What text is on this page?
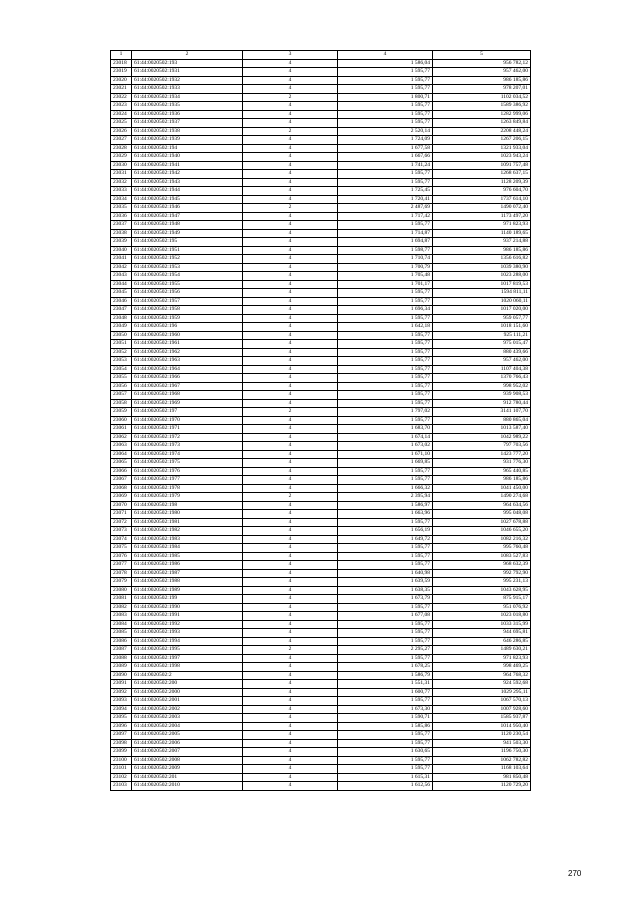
1	2	3	4	5
23018	61:44:0020502:193	4	1 586,04	956 782,12
23019	61:44:0020502:1931	4	1 595,77	957 462,00
23020	61:44:0020502:1932	4	1 595,77	986 185,86
23021	61:44:0020502:1933	4	1 595,77	978 207,01
23022	61:44:0020502:1934	2	1 800,71	1102 034,52
23023	61:44:0020502:1935	4	1 595,77	1589 386,92
23024	61:44:0020502:1936	4	1 595,77	1282 999,06
23025	61:44:0020502:1937	4	1 595,77	1263 849,84
23026	61:44:0020502:1938	2	2 520,14	2208 448,24
23027	61:44:0020502:1939	4	1 724,09	1267 206,15
23028	61:44:0020502:194	4	1 677,58	1321 933,04
23029	61:44:0020502:1940	4	1 667,66	1023 943,24
23030	61:44:0020502:1941	4	1 741,24	1091 757,48
23031	61:44:0020502:1942	4	1 595,77	1268 637,15
23032	61:44:0020502:1943	4	1 595,77	1128 209,39
23033	61:44:0020502:1944	4	1 725,45	976 604,70
23034	61:44:0020502:1945	4	1 720,41	1737 614,10
23035	61:44:0020502:1946	2	2 487,69	1490 072,40
23036	61:44:0020502:1947	4	1 717,42	1173 497,20
23037	61:44:0020502:1948	4	1 595,77	971 823,93
23038	61:44:0020502:1949	4	1 714,87	1140 189,65
23039	61:44:0020502:195	4	1 694,87	937 214,88
23040	61:44:0020502:1951	4	1 598,77	986 185,86
23041	61:44:0020502:1952	4	1 710,74	1356 616,82
23042	61:44:0020502:1953	4	1 700,79	1039 380,90
23043	61:44:0020502:1954	4	1 705,48	1023 288,00
23044	61:44:0020502:1955	4	1 701,17	1017 819,53
23045	61:44:0020502:1956	4	1 595,77	1594 811,11
23046	61:44:0020502:1957	4	1 595,77	1020 060,11
23047	61:44:0020502:1958	4	1 696,34	1017 020,00
23048	61:44:0020502:1959	4	1 595,77	959 057,77
23049	61:44:0020502:196	4	1 642,18	1018 151,60
23050	61:44:0020502:1960	4	1 595,77	925 111,21
23051	61:44:0020502:1961	4	1 595,77	975 015,47
23052	61:44:0020502:1962	4	1 595,77	880 439,66
23053	61:44:0020502:1963	4	1 595,77	957 462,00
23054	61:44:0020502:1964	4	1 595,77	1107 404,38
23055	61:44:0020502:1966	4	1 595,77	1370 766,43
23056	61:44:0020502:1967	4	1 595,77	998 952,02
23057	61:44:0020502:1968	4	1 595,77	939 908,53
23058	61:44:0020502:1969	4	1 595,77	912 780,44
23059	61:44:0020502:197	2	1 797,02	3141 107,70
23060	61:44:0020502:1970	4	1 595,77	880 865,04
23061	61:44:0020502:1971	4	1 683,70	1013 587,40
23062	61:44:0020502:1972	4	1 674,14	1042 989,22
23063	61:44:0020502:1973	4	1 673,02	797 703,56
23064	61:44:0020502:1974	4	1 671,10	1423 777,20
23065	61:44:0020502:1975	4	1 669,85	931 776,30
23066	61:44:0020502:1976	4	1 595,77	965 440,85
23067	61:44:0020502:1977	4	1 595,77	986 185,86
23068	61:44:0020502:1978	4	1 666,32	1041 450,00
23069	61:44:0020502:1979	2	2 395,94	1490 274,68
23070	61:44:0020502:198	4	1 586,97	964 634,56
23071	61:44:0020502:1980	4	1 663,96	995 048,08
23072	61:44:0020502:1981	4	1 595,77	1027 678,88
23073	61:44:0020502:1982	4	1 656,19	1046 655,20
23074	61:44:0020502:1983	4	1 649,72	1082 216,32
23075	61:44:0020502:1984	4	1 595,77	995 760,48
23076	61:44:0020502:1985	4	1 595,77	1083 527,83
23077	61:44:0020502:1986	4	1 595,77	968 632,39
23078	61:44:0020502:1987	4	1 640,98	992 792,90
23079	61:44:0020502:1988	4	1 639,59	995 231,13
23080	61:44:0020502:1989	4	1 638,35	1043 628,95
23081	61:44:0020502:199	4	1 673,79	875 915,17
23082	61:44:0020502:1990	4	1 595,77	951 076,92
23083	61:44:0020502:1991	4	1 677,08	1023 018,80
23084	61:44:0020502:1992	4	1 595,77	1033 315,99
23085	61:44:0020502:1993	4	1 595,77	944 695,81
23086	61:44:0020502:1994	4	1 595,77	646 286,85
23087	61:44:0020502:1995	2	2 295,27	1489 630,21
23088	61:44:0020502:1997	4	1 595,77	971 823,93
23089	61:44:0020502:1998	4	1 678,25	998 469,25
23090	61:44:0020502:2	4	1 586,79	964 768,32
23091	61:44:0020502:200	4	1 551,31	924 592,68
23092	61:44:0020502:2000	4	1 600,77	1029 295,11
23093	61:44:0020502:2001	4	1 595,77	1067 570,13
23094	61:44:0020502:2002	4	1 673,30	1007 928,60
23095	61:44:0020502:2003	4	1 590,71	1585 937,87
23096	61:44:0020502:2004	4	1 585,86	1014 950,40
23097	61:44:0020502:2005	4	1 595,77	1120 230,54
23098	61:44:0020502:2006	4	1 595,77	941 503,30
23099	61:44:0020502:2007	4	1 630,65	1196 750,30
23100	61:44:0020502:2008	4	1 595,77	1062 782,82
23101	61:44:0020502:2009	4	1 595,77	1168 103,64
23102	61:44:0020502:201	4	1 615,31	981 850,48
23103	61:44:0020502:2010	4	1 612,56	1120 729,20
270
